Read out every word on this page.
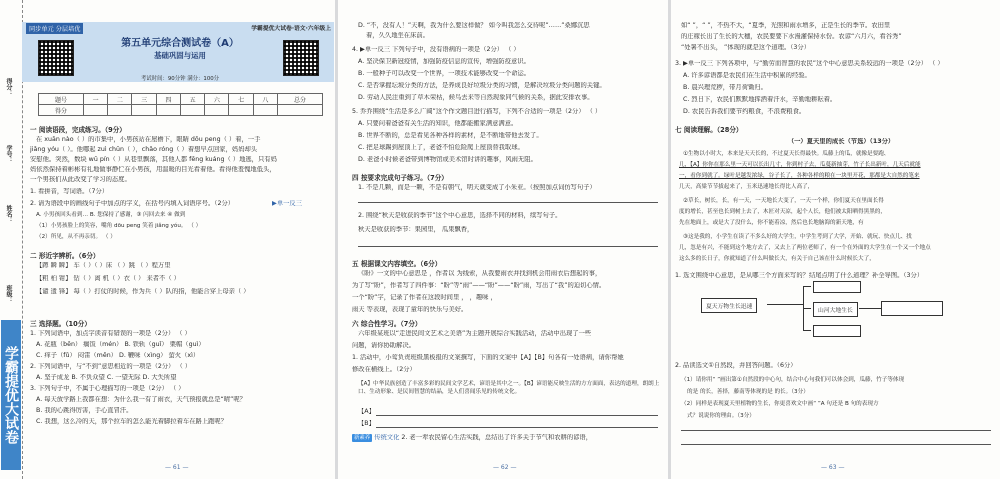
得分：
学号：
姓名：
班级：
学霸提优大试卷
同步单元 分层培优	学霸提优大试卷·语文·六年级上
第五单元综合测试卷（A）
基础巩固与运用
考试时间：90分钟 满分：100分
题号	一	二	三	四	五	六	七	八	总分
得分									
一 阅读语段，完成练习。（9分）
在 xuān nào（ ）的市集中，小男孩站在屋檐下，眼睛 dōu peng（ ）着，一手
jiǎng yóu（ ）。他哪起 zuì chūn（ ），chǎo róng（ ）着想早点回家，妈妈却头
安慰他。突然，数块 wū pín（ ）从巷里飘落，其他人都 fēng kuáng（ ）地逃，只有妈
妈依然保持着彬彬有礼地做事静伫在小男孩，用温暖的目光看着他。看得他羞愧地低头，
一个男孩们从此改变了学习的态度。
1. 看拼音，写词语。（7分）
2. 请为语段中的画线句子中加点的字义，在括号内填入词语序号。（2分）	▶单一反三
A. 小男孩回头看到… B. 您保持了感谢，③ 闪回去来 ④ 做到
（1）小男孩脸上的笑容，嘴角 dōu peng 笑着 jiǎng yóu。 （ ）
（2）所见，从不再亲切。 （ ）
二 形近字辨析。（6分）
【蹲 瞬 瞬】 车（ ）（ ）床 （ ）跳 （ ）程万里
【粗 柏 钳】 钻（ ）离 机（ ）衣（ ） 来者不（ ）
【谴 遗 锋】 每（ ）打仗的时候，作为兵（ ）队的指，他能合穿上母亲（ ）
三 选择题。（10分）
1. 下列词语中，加点字读音有错误的一项是（2分） （ ）
A. 花瓶（bēn） 瘸饭（mén） B. 铁轨（guǐ） 栗帽（guì）
C. 痒子（fǔ） 闷雷（mēn） D. 鞭味（xìng） 萤火（xì）
2. 下列词语中，与“不到”意思相近的一项是（2分） （ ）
A. 坚子成龙 B. 不负众望 C. 一望无际 D. 大失所望
3. 下列句子中，不属于心理描写的一项是（2分） （ ）
A. 每天放学路上我都在想：为什么我一有了雨衣，天气预报就总是“晴”呢？
B. 我的心跳得厉害，手心直冒汗。
C. 我想，这么冷的天，那个拉车的怎么能光着脚拉着车在路上跑呢？
— 61 —
D. “不，没有人！”天啊，我为什么要这样做？ 如今叫我怎么交待呢”……”桑娜沉思
着，久久地坐在床前。
4. ▶单一反三 下列句子中，没有语病的一项是（2分） （ ）
A. 坚决保卫新冠疫情，加强防疫信息的宣传，增强防疫意识。
B. 一般种子可以改变一个世界，一项技术能够改变一个命运。
C. 是否掌握坛坡分类的方法，是养成良好垃圾分类的习惯，是解决垃圾分类问题的关键。
D. 劳动人民注重到了草木荣枯，候鸟去来等自然现象同气候的关系，据此安排农事。
5. 乔乔围绕“生活是多么广阔”这个作文题目进行描写，下列不合适的一项是（2分） （ ）
A. 只要问着爸爸有关生活的知识，他都能搬家满意满意。
B. 世界不断的，总是看见各种各样的素材，是不断地带他去发了。
C. 把足球踢到屋顶上了，老爸不怕危险爬上屋顶替我取球。
D. 老爸小时候老爸带到博物馆或美术馆时讲的趣事，风雨无阻。
四 按要求完成句子练习。（7分）
1. 不是几颗，而是一颗，不是有朝气，明天就变成了小朱亚。（按照加点词仿写句子）
2. 围绕“秋天是收获的季节”这个中心意思，选择不同的材料，续写句子。
秋天是收获的季节：果园里， 瓜果飘香，
五 根据课文内容填空。（6分）
《盼》一文的中心意思是 ，作者以 为线索，从我要雨衣并找到机会用雨衣后想起的事，
为了写“盼”，作者写了四件事：“盼”等“雨”——“盼”——“盼”雨，写出了“我”的迫切心情。
一个“盼”字，记录了作者在这段时间里 ， ，趣味 ，
雨天 等表现，表现了童年的快乐与美好。
六 综合性学习。（7分）
六年级某班以“走进民间文艺术之美语”为主题开展综合实践活动，活动中出现了一些
问题，请你协助解决。
1. 活动中，小莺负责班级黑板报的文案撰写，下面的文案中【A】【B】句各有一处语病，请你帮她
修改在横线上。（2分）
【A】中华民族创造了丰富多彩的民间文学艺术，谚语是其中之一。【B】谚语能反映生活的方方面面，表达的道理，朗朗上口、生动形象、是民间智慧的结晶，是人们喜闻乐见的传统文化。
【A】
【B】
新素养 传统文化 2. 老一辈农民留心生活实践，总结出了许多关于节气和农耕的谚语，
— 62 —
如“ ”，“ ”，不热不大，“夏季，光照和雨水增多，正是生长的季节。农田里
的庄稼长出了生长的大穗，农民要要下水漫灌保持水份。农谚“六月六，看谷秀”
“处暑不出头， ”体现的就是这个道理。（3分）
3. ▶单一反三 下列各项中，与“勤劳而智慧的农民”这个中心意思关系较远的一项是（2分） （ ）
A. 许多谚语都是农民们在生活中积累的经验。
B. 晨兴理荒秽，带月荷锄归。
C. 烈日下，农民们默默地挥洒着汗水，辛勤地耕耘着。
D. 农民告诉我们要节约粮食，不浪费粮食。
七 阅读理解。（28分）
（一）夏天里的成长（节选）（13分）
①生物以小时大，本来是天天长的，不过夏天长得最快。瓜藤上的瓜，就像是要跑、
几，【A】你你在那么里一天可以长出几寸，你到村子去，瓜蔓新抽芽，竹子长出新叶，几天后就能
一，看你到就了。绿叶是越发浓绿，谷子长了，各种各样的粮在一块里开花，那都是大自然的笔来
几天，高粱节节拔起来了，玉米迅速地长得比人高了，
②草长，树长，长，有一天，一天地长大变了，一天一个样，你们夏天在里面长得
度的增长，甚至也长到树上去了，木匠对天凉，起个人长，他们被太阳晒得黑黑的，
先在地面上，或是大了没什么，你不能着凉，然后也长地脑海的新天地，有
③这是我的，小学生在读了不多么好的大学生，中学生考到了大学，开始、就玩、快点儿、找
几，忽是有兴，不能到这个地方去了，又去上了两位老师了，有一个在外面的大学生在一个又一个地点
这么多的长日子，你就知道了什么叫做长大，有关于自己该在什么时候长大了，
1. 选文围绕中心意思，是从哪三个方面来写的？结尾点明了什么道理？补全导图。（3分）
夏天万物生长迅速
山河大地生长
2. 品读选文①自然段，并回答问题。（6分）
（1）请你用“ ”画出第①自然段的中心句，结合中心句我们可以体会到，瓜藤，竹子等体现
的是 的长，善择，藤南等体现的是 的长。（3分）
（2）同样是表现夏天里植物的生长，你更喜欢文中画“ ”A 句还是 B 句的表现方
式？说说你的理由。（3分）
— 63 —
